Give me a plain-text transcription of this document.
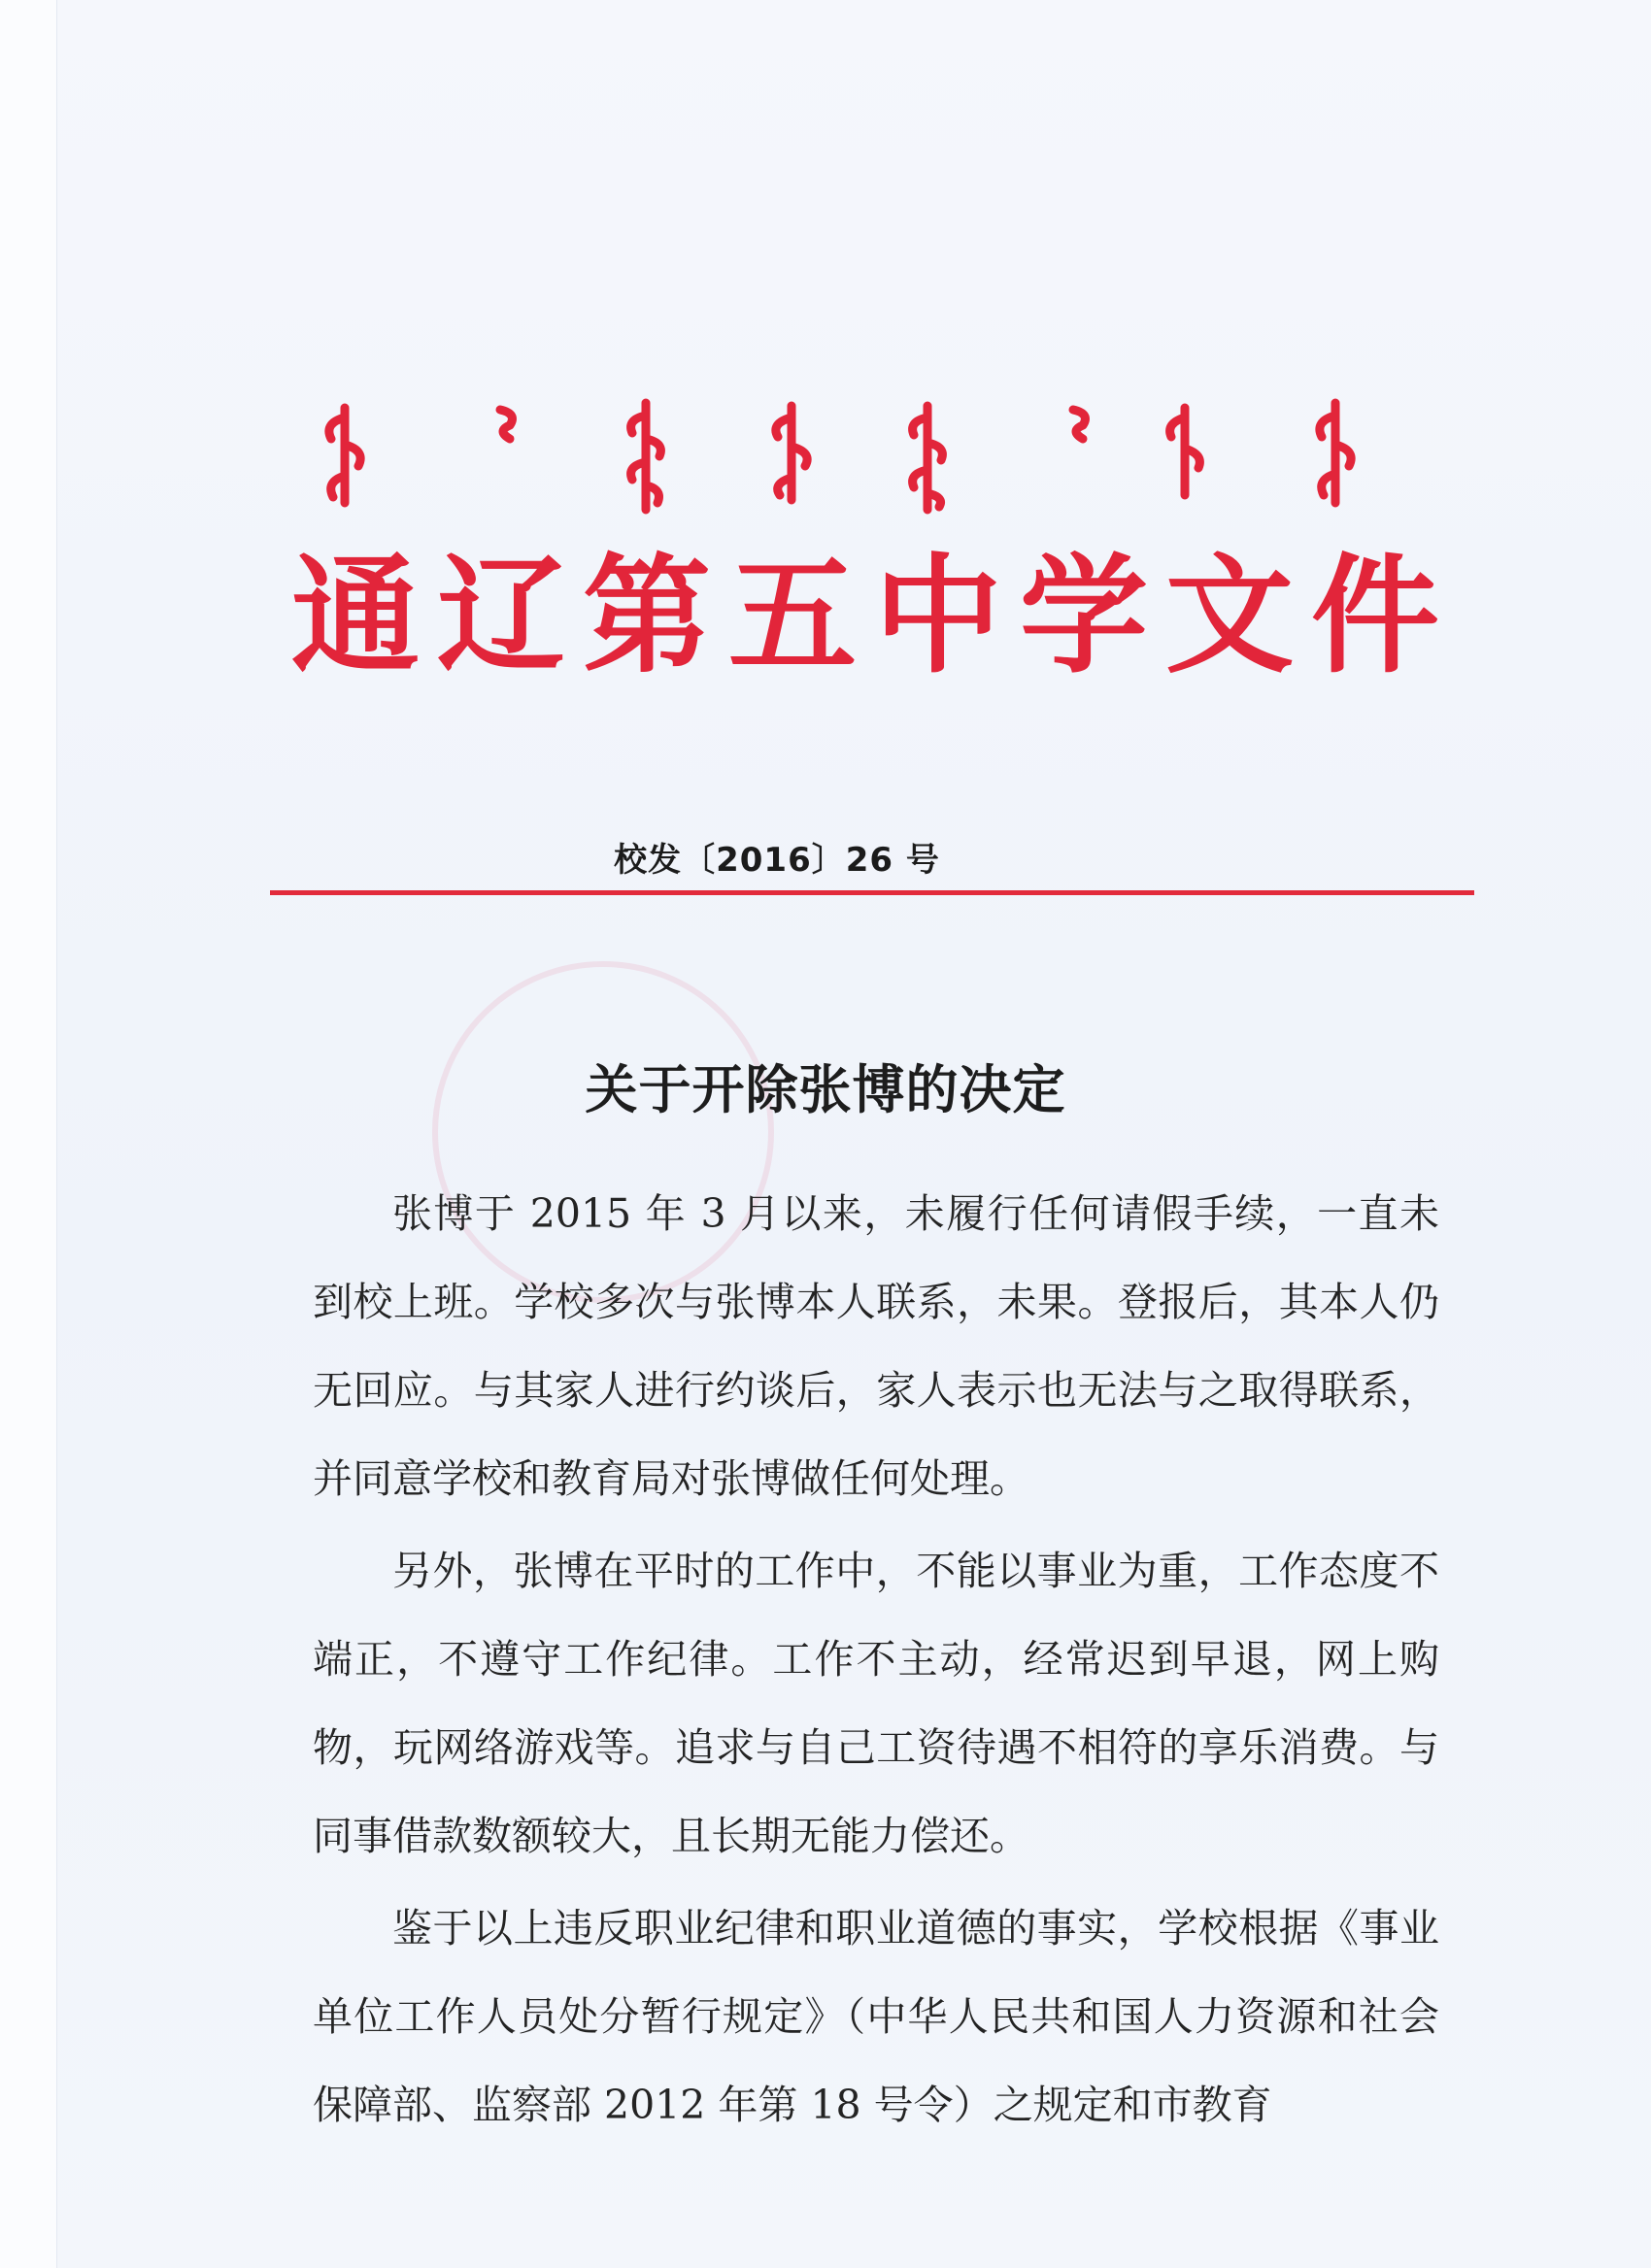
通辽第五中学文件
校发〔2016〕26 号
关于开除张博的决定

张博于 2015 年 3 月以来，未履行任何请假手续，一直未到校上班。学校多次与张博本人联系，未果。登报后，其本人仍无回应。与其家人进行约谈后，家人表示也无法与之取得联系，并同意学校和教育局对张博做任何处理。

另外，张博在平时的工作中，不能以事业为重，工作态度不端正，不遵守工作纪律。工作不主动，经常迟到早退，网上购物，玩网络游戏等。追求与自己工资待遇不相符的享乐消费。与同事借款数额较大，且长期无能力偿还。

鉴于以上违反职业纪律和职业道德的事实，学校根据《事业单位工作人员处分暂行规定》（中华人民共和国人力资源和社会保障部、监察部 2012 年第 18 号令）之规定和市教育
